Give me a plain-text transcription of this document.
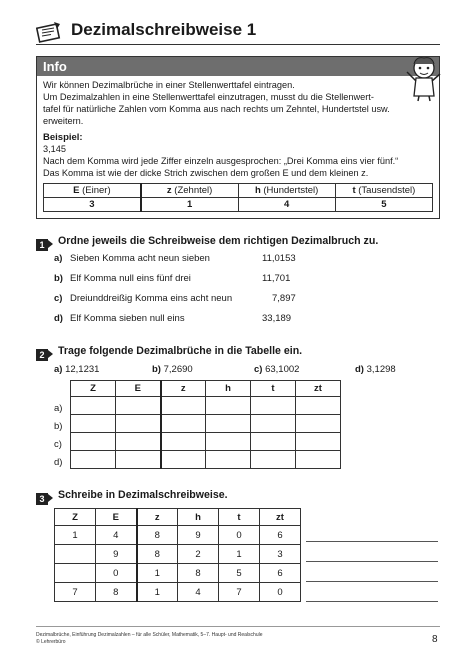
Dezimalschreibweise 1
Info
Wir können Dezimalbrüche in einer Stellenwerttafel eintragen.
Um Dezimalzahlen in eine Stellenwerttafel einzutragen, musst du die Stellenwert-
tafel für natürliche Zahlen vom Komma aus nach rechts um Zehntel, Hundertstel usw.
erweitern.
Beispiel:
3,145
Nach dem Komma wird jede Ziffer einzeln ausgesprochen: „Drei Komma eins vier fünf.“
Das Komma ist wie der dicke Strich zwischen dem großen E und dem kleinen z.
E (Einer)	z (Zehntel)	h (Hundertstel)	t (Tausendstel)
3	1	4	5
1	Ordne jeweils die Schreibweise dem richtigen Dezimalbruch zu.
a) Sieben Komma acht neun sieben	11,0153
b) Elf Komma null eins fünf drei	11,701
c) Dreiunddreißig Komma eins acht neun	7,897
d) Elf Komma sieben null eins	33,189
2	Trage folgende Dezimalbrüche in die Tabelle ein.
a) 12,1231	b) 7,2690	c) 63,1002	d) 3,1298
a)
b)
c)
d)
Z	E	z	h	t	zt

3	Schreibe in Dezimalschreibweise.
Z	E	z	h	t	zt
1	4	8	9	0	6
	9	8	2	1	3
	0	1	8	5	6
7	8	1	4	7	0
Dezimalbrüche, Einführung Dezimalzahlen – für alle Schüler, Mathematik, 5–7. Haupt- und Realschule
© Lehrerbüro	8
